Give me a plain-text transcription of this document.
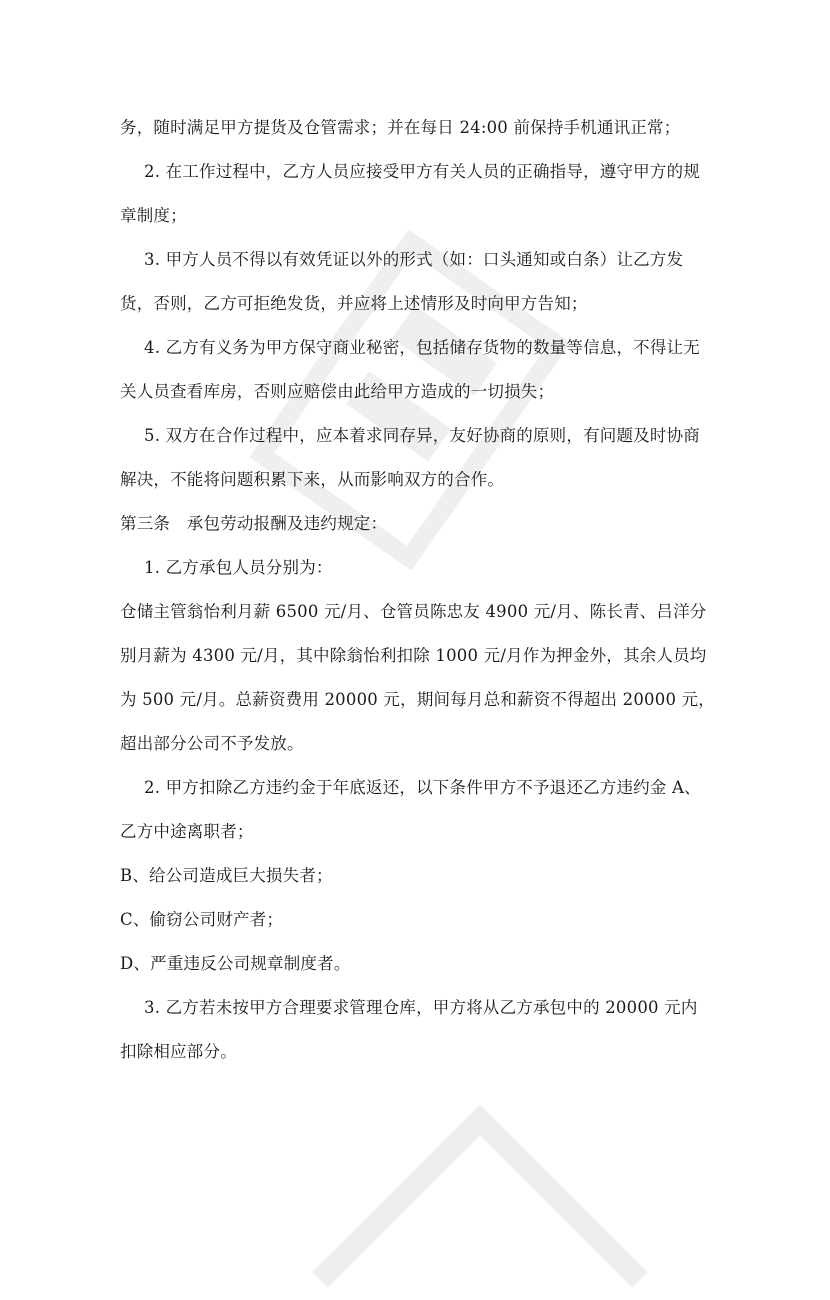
务，随时满足甲方提货及仓管需求；并在每日 24:00 前保持手机通讯正常；
2. 在工作过程中，乙方人员应接受甲方有关人员的正确指导，遵守甲方的规
章制度；
3. 甲方人员不得以有效凭证以外的形式（如：口头通知或白条）让乙方发
货，否则，乙方可拒绝发货，并应将上述情形及时向甲方告知；
4. 乙方有义务为甲方保守商业秘密，包括储存货物的数量等信息，不得让无
关人员查看库房，否则应赔偿由此给甲方造成的一切损失；
5. 双方在合作过程中，应本着求同存异，友好协商的原则，有问题及时协商
解决，不能将问题积累下来，从而影响双方的合作。
第三条　承包劳动报酬及违约规定：
1. 乙方承包人员分别为：
仓储主管翁怡利月薪 6500 元/月、仓管员陈忠友 4900 元/月、陈长青、吕洋分
别月薪为 4300 元/月，其中除翁怡利扣除 1000 元/月作为押金外，其余人员均
为 500 元/月。总薪资费用 20000 元，期间每月总和薪资不得超出 20000 元，
超出部分公司不予发放。
2. 甲方扣除乙方违约金于年底返还，以下条件甲方不予退还乙方违约金 A、
乙方中途离职者；
B、给公司造成巨大损失者；
C、偷窃公司财产者；
D、严重违反公司规章制度者。
3. 乙方若未按甲方合理要求管理仓库，甲方将从乙方承包中的 20000 元内
扣除相应部分。
